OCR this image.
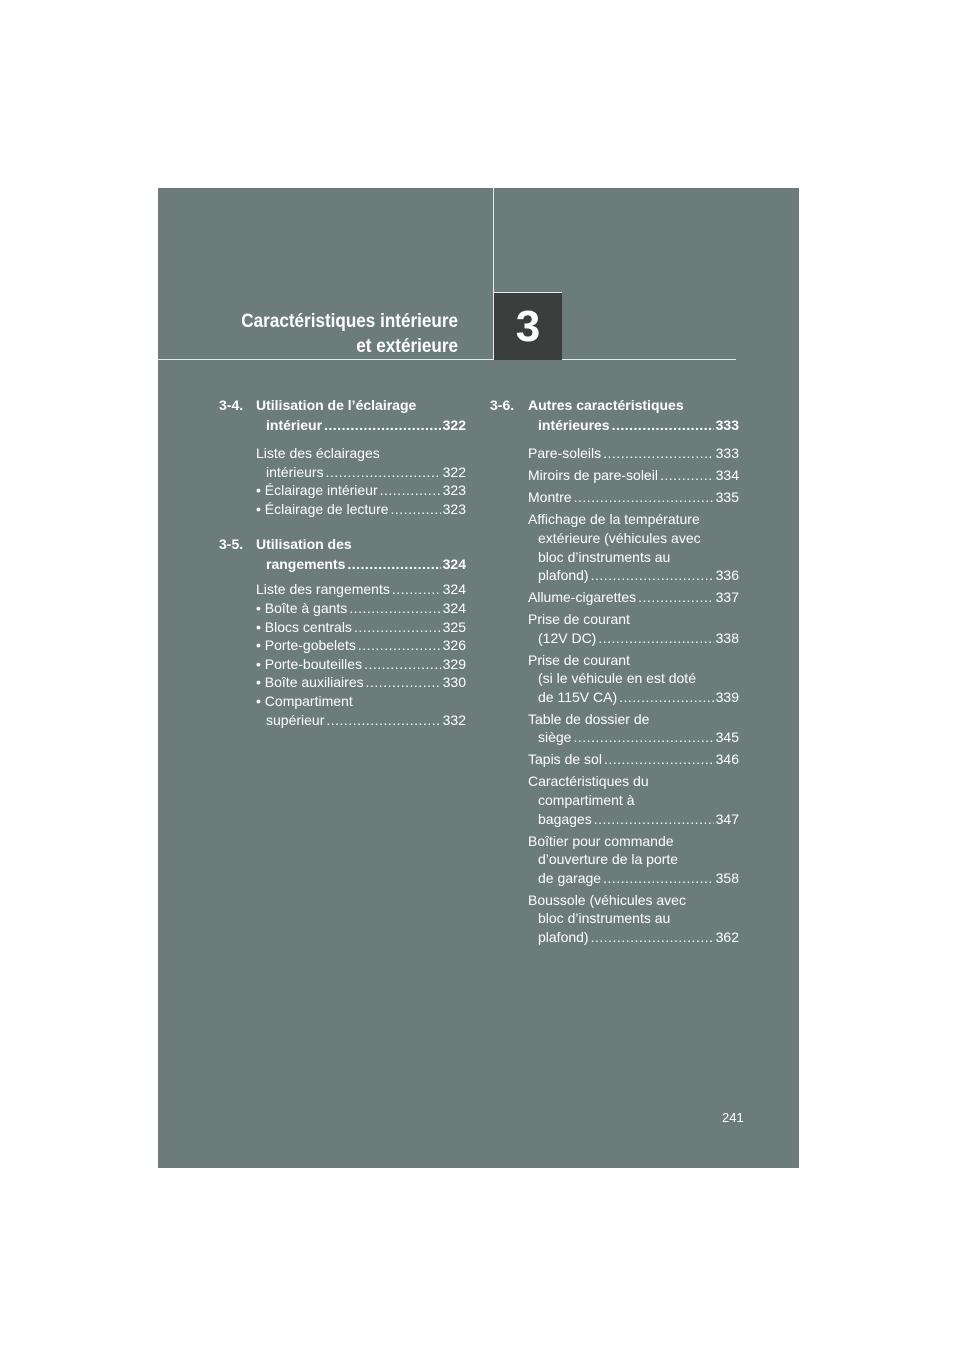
Caractéristiques intérieure
et extérieure 3
3-4. Utilisation de l’éclairage
intérieur .....	322
Liste des éclairages
intérieurs .....	322
• Éclairage intérieur .....	323
• Éclairage de lecture .....	323
3-5. Utilisation des
rangements .....	324
Liste des rangements .....	324
• Boîte à gants .....	324
• Blocs centrals .....	325
• Porte-gobelets .....	326
• Porte-bouteilles .....	329
• Boîte auxiliaires .....	330
• Compartiment
supérieur .....	332
3-6. Autres caractéristiques
intérieures .....	333
Pare-soleils .....	333
Miroirs de pare-soleil .....	334
Montre .....	335
Affichage de la température
extérieure (véhicules avec
bloc d’instruments au
plafond) .....	336
Allume-cigarettes .....	337
Prise de courant
(12V DC) .....	338
Prise de courant
(si le véhicule en est doté
de 115V CA) .....	339
Table de dossier de
siège .....	345
Tapis de sol .....	346
Caractéristiques du
compartiment à
bagages .....	347
Boîtier pour commande
d’ouverture de la porte
de garage .....	358
Boussole (véhicules avec
bloc d’instruments au
plafond) .....	362
241
